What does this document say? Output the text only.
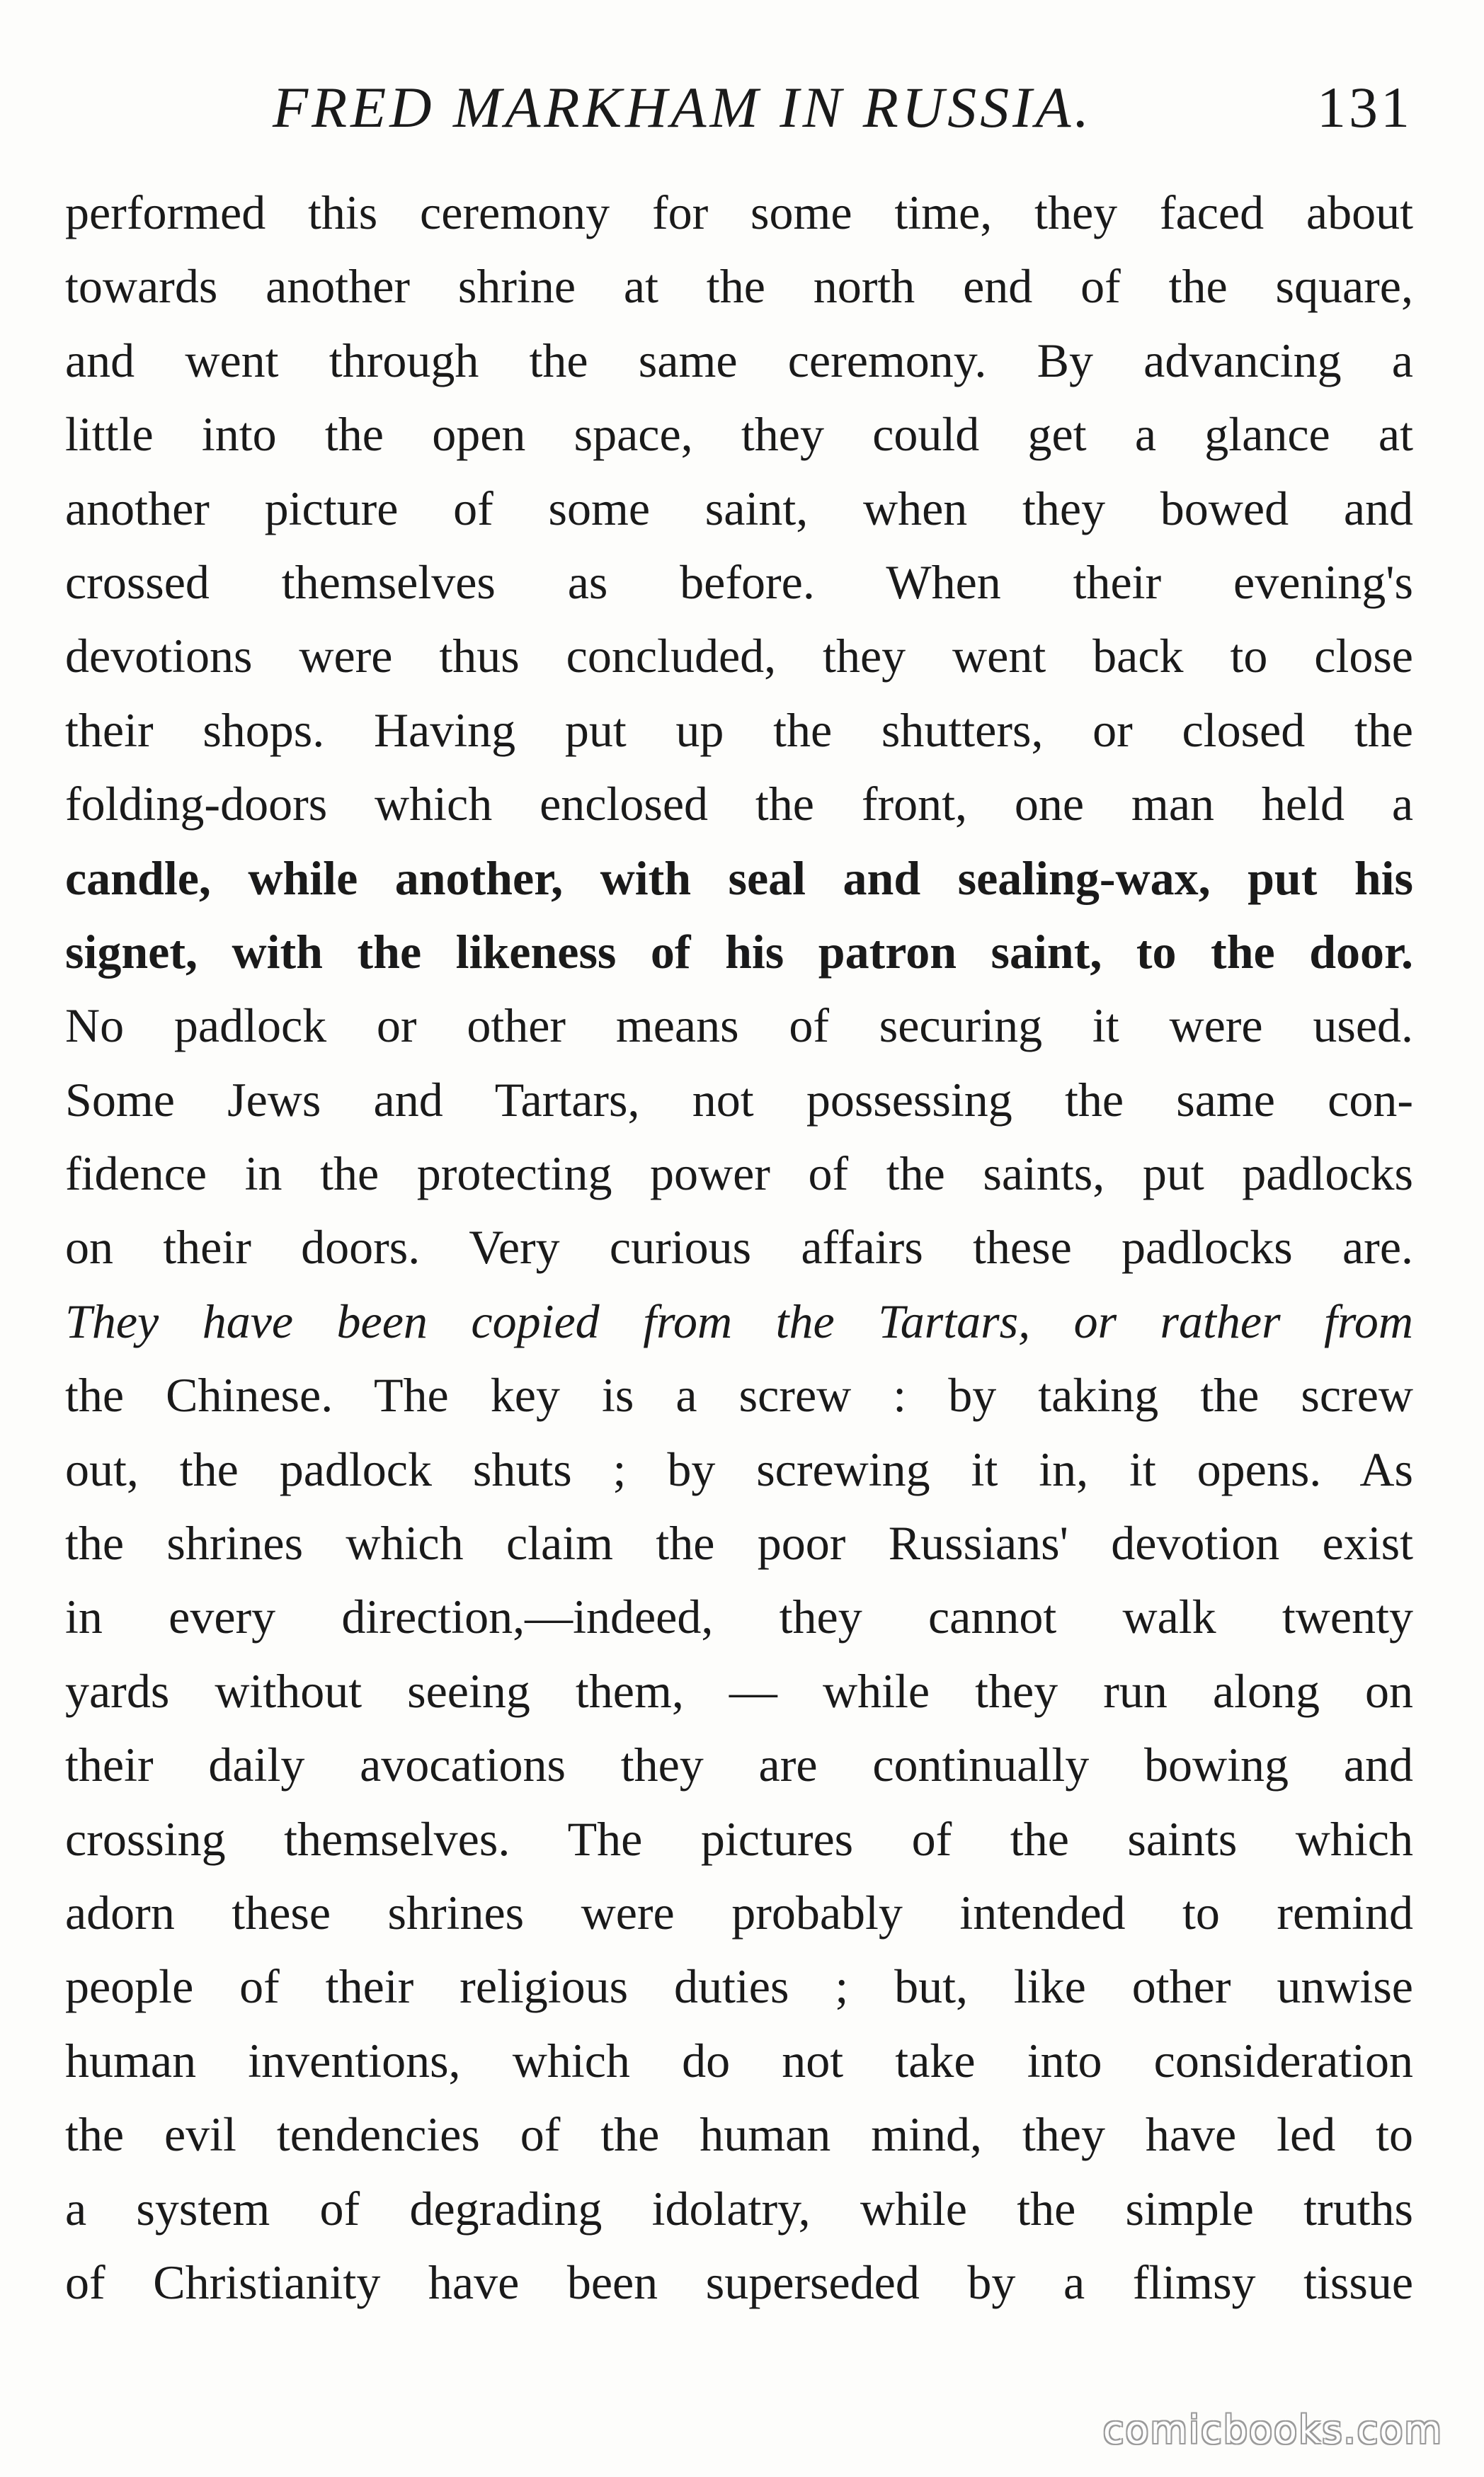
FRED MARKHAM IN RUSSIA.	131
performed this ceremony for some time, they faced about
towards another shrine at the north end of the square,
and went through the same ceremony. By advancing a
little into the open space, they could get a glance at
another picture of some saint, when they bowed and
crossed themselves as before. When their evening's
devotions were thus concluded, they went back to close
their shops. Having put up the shutters, or closed the
folding-doors which enclosed the front, one man held a
candle, while another, with seal and sealing-wax, put his
signet, with the likeness of his patron saint, to the door.
No padlock or other means of securing it were used.
Some Jews and Tartars, not possessing the same con-
fidence in the protecting power of the saints, put padlocks
on their doors. Very curious affairs these padlocks are.
They have been copied from the Tartars, or rather from
the Chinese. The key is a screw : by taking the screw
out, the padlock shuts ; by screwing it in, it opens. As
the shrines which claim the poor Russians' devotion exist
in every direction,—indeed, they cannot walk twenty
yards without seeing them, — while they run along on
their daily avocations they are continually bowing and
crossing themselves. The pictures of the saints which
adorn these shrines were probably intended to remind
people of their religious duties ; but, like other unwise
human inventions, which do not take into consideration
the evil tendencies of the human mind, they have led to
a system of degrading idolatry, while the simple truths
of Christianity have been superseded by a flimsy tissue
comicbooks.com
